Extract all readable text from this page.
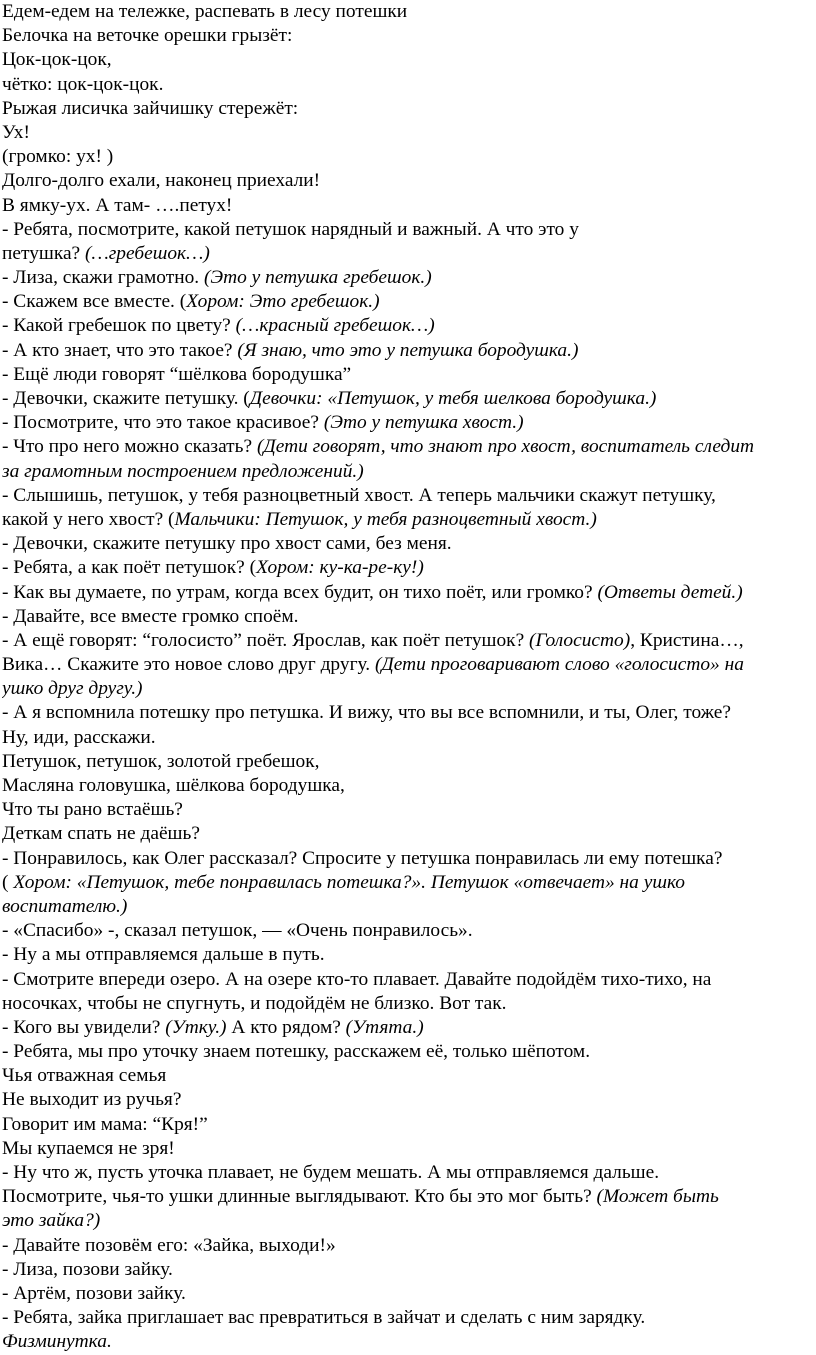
Едем-едем на тележке, распевать в лесу потешки
Белочка на веточке орешки грызёт:
Цок-цок-цок,
чётко: цок-цок-цок.
Рыжая лисичка зайчишку стережёт:
Ух!
(громко: ух! )
Долго-долго ехали, наконец приехали!
В ямку-ух. А там- ….петух!
- Ребята, посмотрите, какой петушок нарядный и важный. А что это у
петушка? (…гребешок…)
- Лиза, скажи грамотно. (Это у петушка гребешок.)
- Скажем все вместе. (Хором: Это гребешок.)
- Какой гребешок по цвету? (…красный гребешок…)
- А кто знает, что это такое? (Я знаю, что это у петушка бородушка.)
- Ещё люди говорят “шёлкова бородушка”
- Девочки, скажите петушку. (Девочки: «Петушок, у тебя шелкова бородушка.)
- Посмотрите, что это такое красивое? (Это у петушка хвост.)
- Что про него можно сказать? (Дети говорят, что знают про хвост, воспитатель следит
за грамотным построением предложений.)
- Слышишь, петушок, у тебя разноцветный хвост. А теперь мальчики скажут петушку,
какой у него хвост? (Мальчики: Петушок, у тебя разноцветный хвост.)
- Девочки, скажите петушку про хвост сами, без меня.
- Ребята, а как поёт петушок? (Хором: ку-ка-ре-ку!)
- Как вы думаете, по утрам, когда всех будит, он тихо поёт, или громко? (Ответы детей.)
- Давайте, все вместе громко споём.
- А ещё говорят: “голосисто” поёт. Ярослав, как поёт петушок? (Голосисто), Кристина…,
Вика… Скажите это новое слово друг другу. (Дети проговаривают слово «голосисто» на
ушко друг другу.)
- А я вспомнила потешку про петушка. И вижу, что вы все вспомнили, и ты, Олег, тоже?
Ну, иди, расскажи.
Петушок, петушок, золотой гребешок,
Масляна головушка, шёлкова бородушка,
Что ты рано встаёшь?
Деткам спать не даёшь?
- Понравилось, как Олег рассказал? Спросите у петушка понравилась ли ему потешка?
( Хором: «Петушок, тебе понравилась потешка?». Петушок «отвечает» на ушко
воспитателю.)
- «Спасибо» -, сказал петушок, — «Очень понравилось».
- Ну а мы отправляемся дальше в путь.
- Смотрите впереди озеро. А на озере кто-то плавает. Давайте подойдём тихо-тихо, на
носочках, чтобы не спугнуть, и подойдём не близко. Вот так.
- Кого вы увидели? (Утку.) А кто рядом? (Утята.)
- Ребята, мы про уточку знаем потешку, расскажем её, только шёпотом.
Чья отважная семья
Не выходит из ручья?
Говорит им мама: “Кря!”
Мы купаемся не зря!
- Ну что ж, пусть уточка плавает, не будем мешать. А мы отправляемся дальше.
Посмотрите, чья-то ушки длинные выглядывают. Кто бы это мог быть? (Может быть
это зайка?)
- Давайте позовём его: «Зайка, выходи!»
- Лиза, позови зайку.
- Артём, позови зайку.
- Ребята, зайка приглашает вас превратиться в зайчат и сделать с ним зарядку.
Физминутка.
